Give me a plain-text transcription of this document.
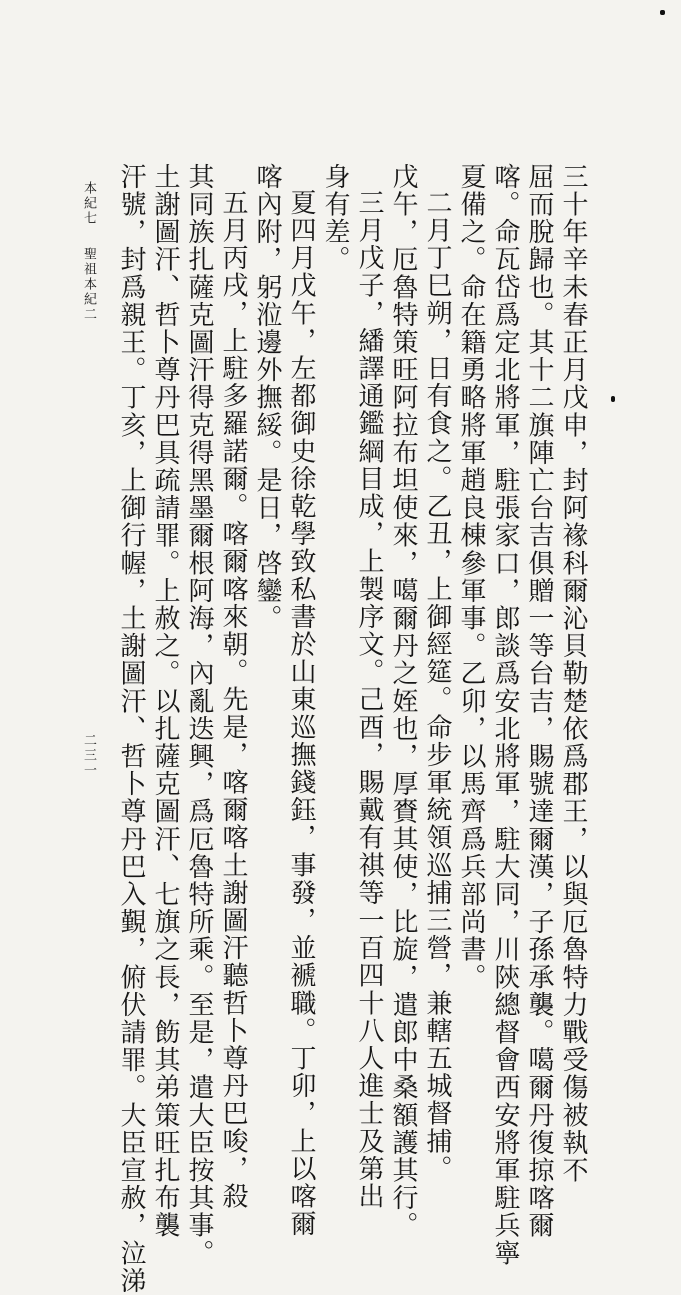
三十年辛未春正月戊申，封阿褖科爾沁貝勒楚依爲郡王，以與厄魯特力戰受傷被執不
屈而脫歸也。其十二旗陣亡台吉俱贈一等台吉，賜號達爾漢，子孫承襲。噶爾丹復掠喀爾
喀。命瓦岱爲定北將軍，駐張家口，郎談爲安北將軍，駐大同，川陝總督會西安將軍駐兵寧
夏備之。命在籍勇略將軍趙良棟參軍事。乙卯，以馬齊爲兵部尚書。
二月丁巳朔，日有食之。乙丑，上御經筵。命步軍統領巡捕三營，兼轄五城督捕。
戊午，厄魯特策旺阿拉布坦使來，噶爾丹之姪也，厚賚其使，比旋，遣郎中桑額護其行。
三月戊子，繙譯通鑑綱目成，上製序文。己酉，賜戴有祺等一百四十八人進士及第出
身有差。
夏四月戊午，左都御史徐乾學致私書於山東巡撫錢鈺，事發，並褫職。丁卯，上以喀爾
喀內附，躬涖邊外撫綏。是日，啓鑾。
五月丙戌，上駐多羅諾爾。喀爾喀來朝。先是，喀爾喀土謝圖汗聽哲卜尊丹巴唆，殺
其同族扎薩克圖汗得克得黑墨爾根阿海，內亂迭興，爲厄魯特所乘。至是，遣大臣按其事。
土謝圖汗、哲卜尊丹巴具疏請罪。上赦之。以扎薩克圖汗、七旗之長，飭其弟策旺扎布襲
汗號，封爲親王。丁亥，上御行幄，土謝圖汗、哲卜尊丹巴入覲，俯伏請罪。大臣宣赦，泣涕
本紀七
聖祖本紀二
二三一
